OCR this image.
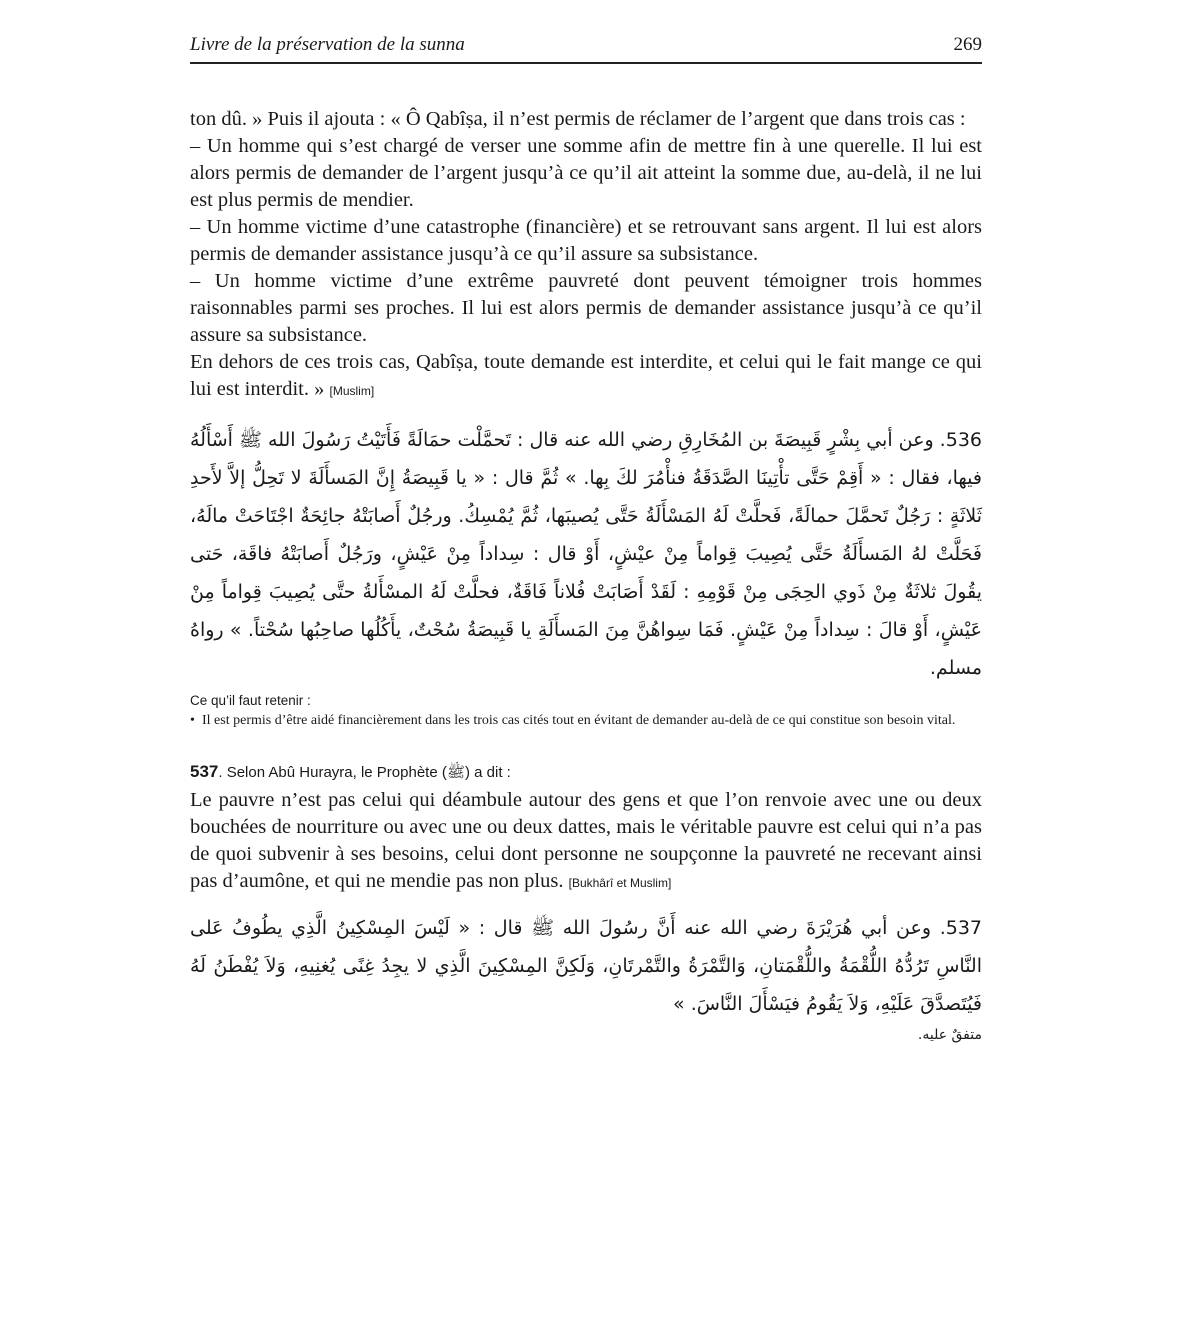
Livre de la préservation de la sunna	269

ton dû. » Puis il ajouta : « Ô Qabîṣa, il n’est permis de réclamer de l’argent que dans trois cas :

– Un homme qui s’est chargé de verser une somme afin de mettre fin à une querelle. Il lui est alors permis de demander de l’argent jusqu’à ce qu’il ait atteint la somme due, au-delà, il ne lui est plus permis de mendier.

– Un homme victime d’une catastrophe (financière) et se retrouvant sans argent. Il lui est alors permis de demander assistance jusqu’à ce qu’il assure sa subsistance.

– Un homme victime d’une extrême pauvreté dont peuvent témoigner trois hommes raisonnables parmi ses proches. Il lui est alors permis de demander assistance jusqu’à ce qu’il assure sa subsistance.

En dehors de ces trois cas, Qabîṣa, toute demande est interdite, et celui qui le fait mange ce qui lui est interdit. » [Muslim]

536. وعن أبي بِشْرٍ قَبِيصَةَ بن المُخَارِقِ رضي الله عنه قال : تَحمَّلْت حمَالَةً فَأَتَيْتُ رَسُولَ الله ﷺ أَسْأَلُهُ فيها، فقال : « أَقِمْ حَتَّى تأْتِينَا الصَّدَقَةُ فنأْمُرَ لكَ بِها. » ثُمَّ قال : « يا قَبِيصَةُ إِنَّ المَسأَلَةَ لا تَحِلُّ إلاَّ لأَحدِ ثَلاثَةٍ : رَجُلٌ تَحمَّلَ حمالَةً، فَحلَّتْ لَهُ المَسْأَلَةُ حَتَّى يُصيبَها، ثُمَّ يُمْسِكُ. ورجُلٌ أَصابَتْهُ جائِحَةٌ اجْتَاحَتْ مالَهُ، فَحَلَّتْ لهُ المَسأَلَةُ حَتَّى يُصِيبَ قِواماً مِنْ عيْشٍ، أَوْ قال : سِداداً مِنْ عَيْشٍ، ورَجُلٌ أَصابَتْهُ فاقَة، حَتى يقُولَ ثلاثَةٌ مِنْ ذَوي الحِجَى مِنْ قَوْمِهِ : لَقَدْ أَصَابَتْ فُلاناً فَاقَةٌ، فحلَّتْ لَهُ المسْأَلةُ حتَّى يُصِيبَ قِواماً مِنْ عَيْشٍ، أَوْ قالَ : سِداداً مِنْ عَيْشٍ. فَمَا سِواهُنَّ مِنَ المَسأَلَةِ يا قَبِيصَةُ سُحْتٌ، يأَكُلُها صاحِبُها سُحْتاً. » رواهُ مسلم.

Ce qu’il faut retenir :
• Il est permis d’être aidé financièrement dans les trois cas cités tout en évitant de demander au-delà de ce qui constitue son besoin vital.
537. Selon Abû Hurayra, le Prophète (ﷺ) a dit :

Le pauvre n’est pas celui qui déambule autour des gens et que l’on renvoie avec une ou deux bouchées de nourriture ou avec une ou deux dattes, mais le véritable pauvre est celui qui n’a pas de quoi subvenir à ses besoins, celui dont personne ne soupçonne la pauvreté ne recevant ainsi pas d’aumône, et qui ne mendie pas non plus. [Bukhârî et Muslim]

537. وعن أبي هُرَيْرَةَ رضي الله عنه أَنَّ رسُولَ الله ﷺ قال : « لَيْسَ المِسْكِينُ الَّذِي يطُوفُ عَلى النَّاسِ تَرُدُّهُ اللُّقْمَةُ واللُّقْمَتانِ، وَالتَّمْرَةُ والتَّمْرتَانِ، وَلَكِنَّ المِسْكِينَ الَّذِي لا يجِدُ غِنًى يُغنِيهِ، وَلاَ يُفْطَنُ لَهُ فَيُتَصدَّقَ عَلَيْهِ، وَلاَ يَقُومُ فيَسْأَلَ النَّاسَ. »

متفقٌ عليه.
